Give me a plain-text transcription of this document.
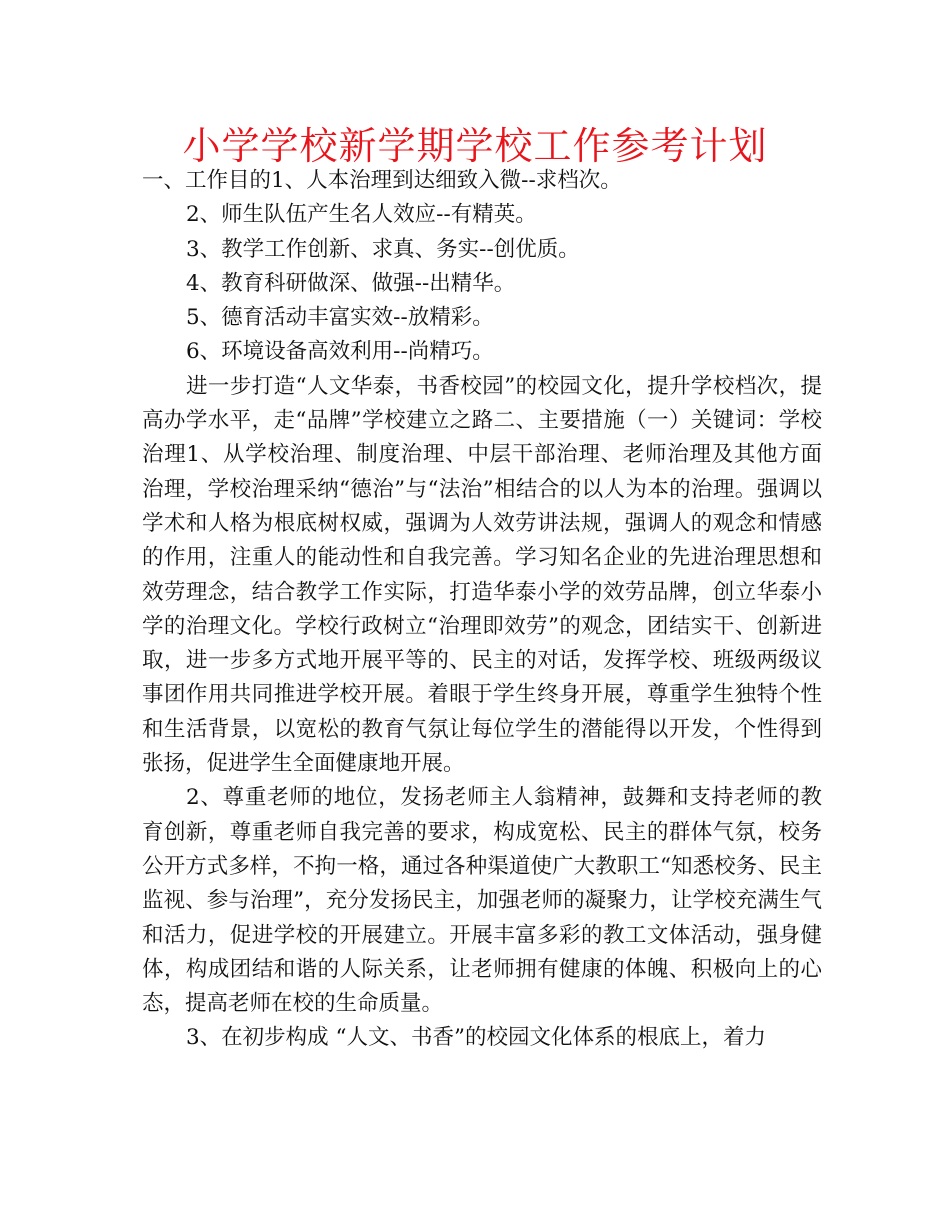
小学学校新学期学校工作参考计划

一、工作目的1、人本治理到达细致入微--求档次。

2、师生队伍产生名人效应--有精英。

3、教学工作创新、求真、务实--创优质。

4、教育科研做深、做强--出精华。

5、德育活动丰富实效--放精彩。

6、环境设备高效利用--尚精巧。

进一步打造“人文华泰，书香校园”的校园文化，提升学校档次，提高办学水平，走“品牌”学校建立之路二、主要措施（一）关键词：学校治理1、从学校治理、制度治理、中层干部治理、老师治理及其他方面治理，学校治理采纳“德治”与“法治”相结合的以人为本的治理。强调以学术和人格为根底树权威，强调为人效劳讲法规，强调人的观念和情感的作用，注重人的能动性和自我完善。学习知名企业的先进治理思想和效劳理念，结合教学工作实际，打造华泰小学的效劳品牌，创立华泰小学的治理文化。学校行政树立“治理即效劳”的观念，团结实干、创新进取，进一步多方式地开展平等的、民主的对话，发挥学校、班级两级议事团作用共同推进学校开展。着眼于学生终身开展，尊重学生独特个性和生活背景，以宽松的教育气氛让每位学生的潜能得以开发，个性得到张扬，促进学生全面健康地开展。

2、尊重老师的地位，发扬老师主人翁精神，鼓舞和支持老师的教育创新，尊重老师自我完善的要求，构成宽松、民主的群体气氛，校务公开方式多样，不拘一格，通过各种渠道使广大教职工“知悉校务、民主监视、参与治理”，充分发扬民主，加强老师的凝聚力，让学校充满生气和活力，促进学校的开展建立。开展丰富多彩的教工文体活动，强身健体，构成团结和谐的人际关系，让老师拥有健康的体魄、积极向上的心态，提高老师在校的生命质量。

3、在初步构成 “人文、书香”的校园文化体系的根底上，着力
